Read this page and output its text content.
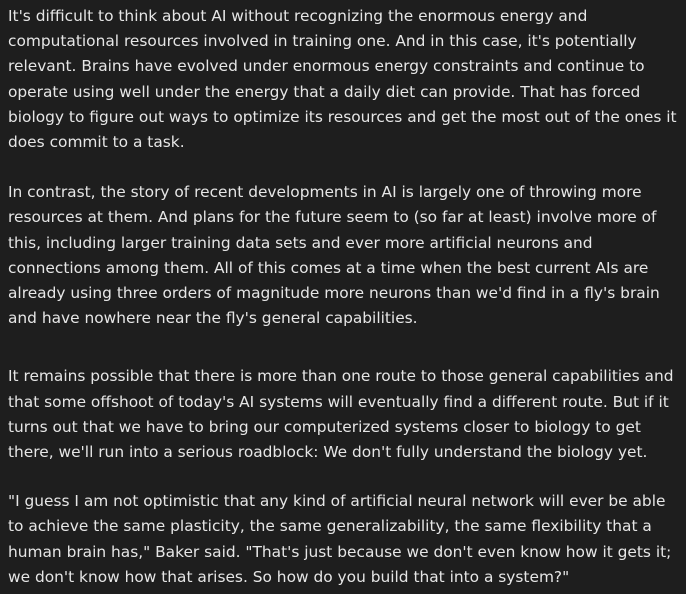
It's difficult to think about AI without recognizing the enormous energy and computational resources involved in training one. And in this case, it's potentially relevant. Brains have evolved under enormous energy constraints and continue to operate using well under the energy that a daily diet can provide. That has forced biology to figure out ways to optimize its resources and get the most out of the ones it does commit to a task.

In contrast, the story of recent developments in AI is largely one of throwing more resources at them. And plans for the future seem to (so far at least) involve more of this, including larger training data sets and ever more artificial neurons and connections among them. All of this comes at a time when the best current AIs are already using three orders of magnitude more neurons than we'd find in a fly's brain and have nowhere near the fly's general capabilities.

It remains possible that there is more than one route to those general capabilities and that some offshoot of today's AI systems will eventually find a different route. But if it turns out that we have to bring our computerized systems closer to biology to get there, we'll run into a serious roadblock: We don't fully understand the biology yet.

"I guess I am not optimistic that any kind of artificial neural network will ever be able to achieve the same plasticity, the same generalizability, the same flexibility that a human brain has," Baker said. "That's just because we don't even know how it gets it; we don't know how that arises. So how do you build that into a system?"
